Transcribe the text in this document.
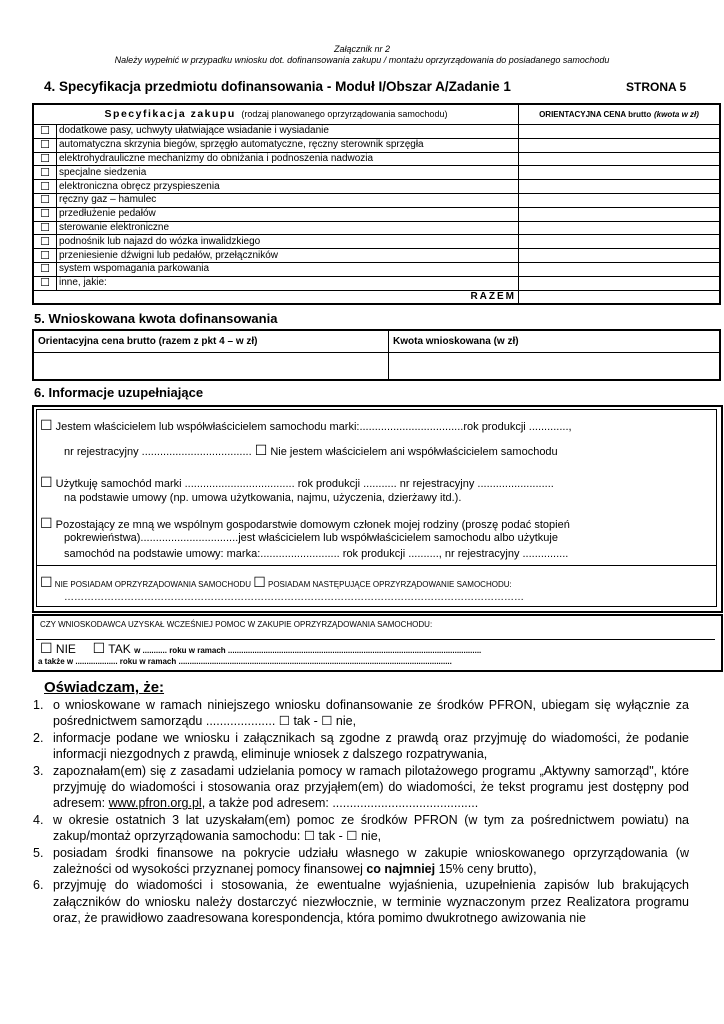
Załącznik nr 2
Należy wypełnić w przypadku wniosku dot. dofinansowania zakupu / montażu oprzyrządowania do posiadanego samochodu
4. Specyfikacja przedmiotu dofinansowania - Moduł I/Obszar A/Zadanie 1	STRONA 5
Specyfikacja zakupu (rodzaj planowanego oprzyrządowania samochodu)		ORIENTACYJNA CENA brutto (kwota w zł)
☐	dodatkowe pasy, uchwyty ułatwiające wsiadanie i wysiadanie	
☐	automatyczna skrzynia biegów, sprzęgło automatyczne, ręczny sterownik sprzęgła	
☐	elektrohydrauliczne mechanizmy do obniżania i podnoszenia nadwozia	
☐	specjalne siedzenia	
☐	elektroniczna obręcz przyspieszenia	
☐	ręczny gaz – hamulec	
☐	przedłużenie pedałów	
☐	sterowanie elektroniczne	
☐	podnośnik lub najazd do wózka inwalidzkiego	
☐	przeniesienie dźwigni lub pedałów, przełączników	
☐	system wspomagania parkowania	
☐	inne, jakie:	
RAZEM		
5. Wnioskowana kwota dofinansowania
Orientacyjna cena brutto (razem z pkt 4 – w zł)	Kwota wnioskowana (w zł)

6. Informacje uzupełniające
☐ Jestem właścicielem lub współwłaścicielem samochodu marki:..................................rok produkcji .............,
nr rejestracyjny .................................... ☐ Nie jestem właścicielem ani współwłaścicielem samochodu
☐ Użytkuję samochód marki .................................... rok produkcji ........... nr rejestracyjny .........................
na podstawie umowy (np. umowa użytkowania, najmu, użyczenia, dzierżawy itd.).
☐ Pozostający ze mną we wspólnym gospodarstwie domowym członek mojej rodziny (proszę podać stopień
pokrewieństwa)................................jest właścicielem lub współwłaścicielem samochodu albo użytkuje
samochód na podstawie umowy: marka:.......................... rok produkcji .........., nr rejestracyjny ...............
☐ NIE POSIADAM OPRZYRZĄDOWANIA SAMOCHODU ☐ POSIADAM NASTĘPUJĄCE OPRZYRZĄDOWANIE SAMOCHODU:
…………………………………………………………………………………………………………………………
CZY WNIOSKODAWCA UZYSKAŁ WCZEŚNIEJ POMOC W ZAKUPIE OPRZYRZĄDOWANIA SAMOCHODU:
☐ NIE ☐ TAK w ........... roku w ramach ..................................................................................................................
a także w ................... roku w ramach ...........................................................................................................................
Oświadczam, że:
1. o wnioskowane w ramach niniejszego wniosku dofinansowanie ze środków PFRON, ubiegam się wyłącznie za pośrednictwem samorządu .................... ☐ tak - ☐ nie,
2. informacje podane we wniosku i załącznikach są zgodne z prawdą oraz przyjmuję do wiadomości, że podanie informacji niezgodnych z prawdą, eliminuje wniosek z dalszego rozpatrywania,
3. zapoznałam(em) się z zasadami udzielania pomocy w ramach pilotażowego programu „Aktywny samorząd", które przyjmuję do wiadomości i stosowania oraz przyjąłem(em) do wiadomości, że tekst programu jest dostępny pod adresem: www.pfron.org.pl, a także pod adresem: ..........................................
4. w okresie ostatnich 3 lat uzyskałam(em) pomoc ze środków PFRON (w tym za pośrednictwem powiatu) na zakup/montaż oprzyrządowania samochodu: ☐ tak - ☐ nie,
5. posiadam środki finansowe na pokrycie udziału własnego w zakupie wnioskowanego oprzyrządowania (w zależności od wysokości przyznanej pomocy finansowej co najmniej 15% ceny brutto),
6. przyjmuję do wiadomości i stosowania, że ewentualne wyjaśnienia, uzupełnienia zapisów lub brakujących załączników do wniosku należy dostarczyć niezwłocznie, w terminie wyznaczonym przez Realizatora programu oraz, że prawidłowo zaadresowana korespondencja, która pomimo dwukrotnego awizowania nie
